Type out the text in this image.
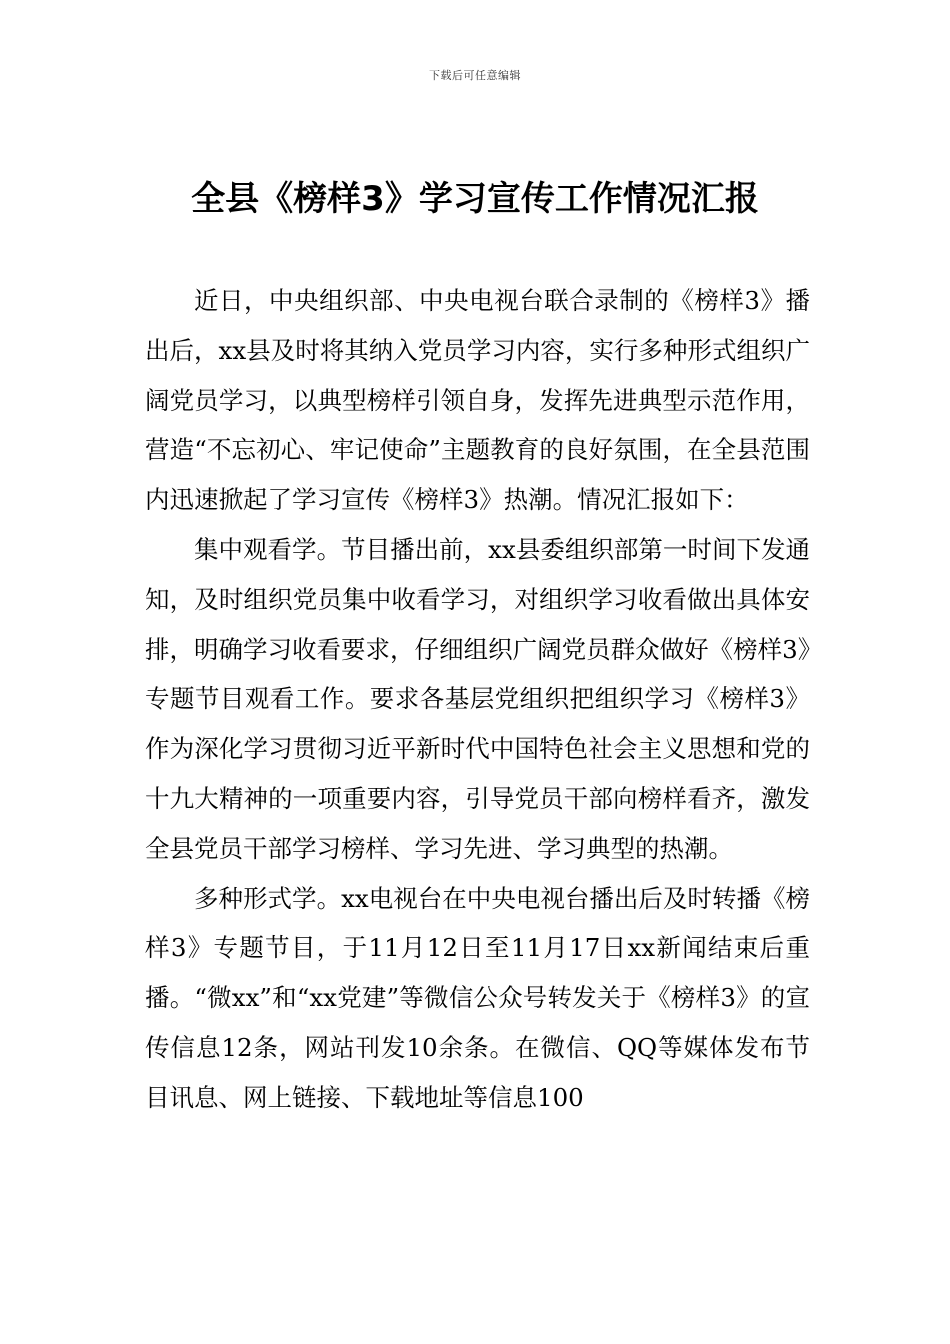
下载后可任意编辑
全县《榜样3》学习宣传工作情况汇报

近日，中央组织部、中央电视台联合录制的《榜样3》播出后，xx县及时将其纳入党员学习内容，实行多种形式组织广阔党员学习，以典型榜样引领自身，发挥先进典型示范作用，营造“不忘初心、牢记使命”主题教育的良好氛围，在全县范围内迅速掀起了学习宣传《榜样3》热潮。情况汇报如下：

集中观看学。节目播出前，xx县委组织部第一时间下发通知，及时组织党员集中收看学习，对组织学习收看做出具体安排，明确学习收看要求，仔细组织广阔党员群众做好《榜样3》专题节目观看工作。要求各基层党组织把组织学习《榜样3》作为深化学习贯彻习近平新时代中国特色社会主义思想和党的十九大精神的一项重要内容，引导党员干部向榜样看齐，激发全县党员干部学习榜样、学习先进、学习典型的热潮。

多种形式学。xx电视台在中央电视台播出后及时转播《榜样3》专题节目，于11月12日至11月17日xx新闻结束后重播。“微xx”和“xx党建”等微信公众号转发关于《榜样3》的宣传信息12条，网站刊发10余条。在微信、QQ等媒体发布节目讯息、网上链接、下载地址等信息100
